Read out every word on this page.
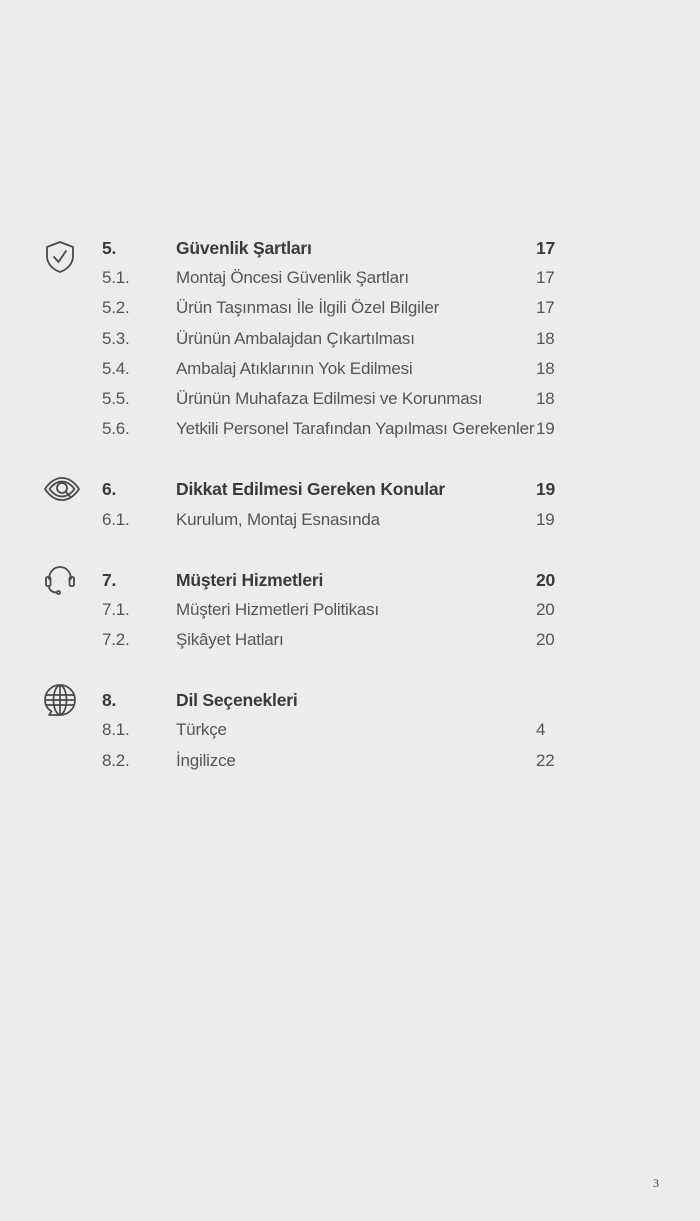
5.	Güvenlik Şartları	17
5.1.	Montaj Öncesi Güvenlik Şartları	17
5.2.	Ürün Taşınması İle İlgili Özel Bilgiler	17
5.3.	Ürünün Ambalajdan Çıkartılması	18
5.4.	Ambalaj Atıklarının Yok Edilmesi	18
5.5.	Ürünün Muhafaza Edilmesi ve Korunması	18
5.6.	Yetkili Personel Tarafından Yapılması Gerekenler 19
6.	Dikkat Edilmesi Gereken Konular	19
6.1.	Kurulum, Montaj Esnasında	19
7.	Müşteri Hizmetleri	20
7.1.	Müşteri Hizmetleri Politikası	20
7.2.	Şikâyet Hatları	20
8.	Dil Seçenekleri
8.1.	Türkçe	4
8.2.	İngilizce	22
3
